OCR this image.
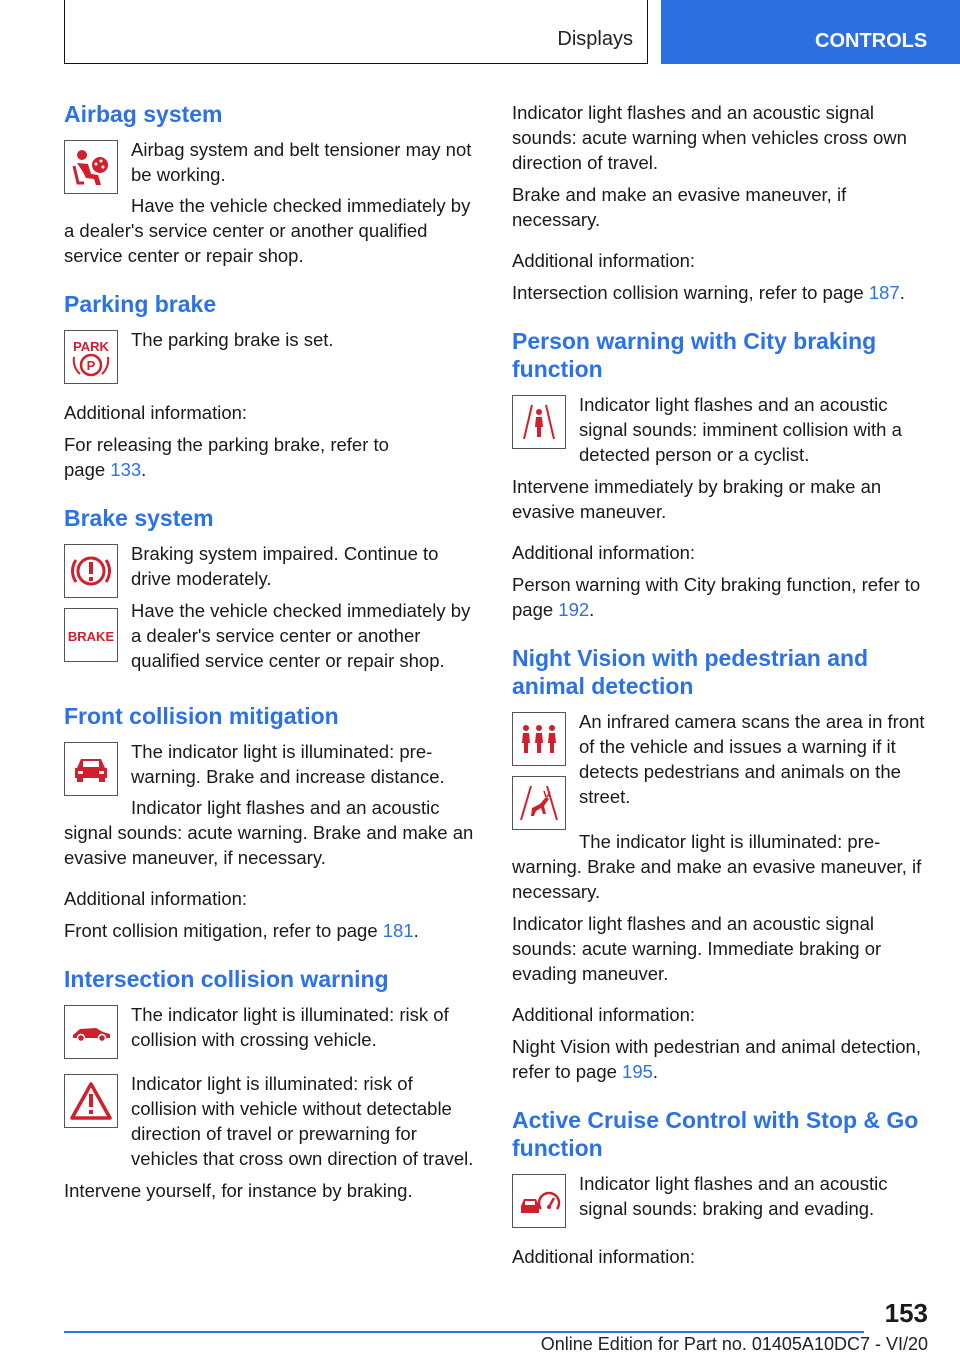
Displays	CONTROLS
Airbag system

Airbag system and belt tensioner may not be working.

Have the vehicle checked immediately by a dealer's service center or another qualified service center or repair shop.

Parking brake
PARK
P

The parking brake is set.

Additional information:

For releasing the parking brake, refer to page 133.

Brake system
BRAKE

Braking system impaired. Continue to drive moderately.

Have the vehicle checked immediately by a dealer's service center or another qualified service center or repair shop.

Front collision mitigation

The indicator light is illuminated: pre-warning. Brake and increase distance.

Indicator light flashes and an acoustic signal sounds: acute warning. Brake and make an evasive maneuver, if necessary.

Additional information:

Front collision mitigation, refer to page 181.

Intersection collision warning

The indicator light is illuminated: risk of collision with crossing vehicle.

Indicator light is illuminated: risk of collision with vehicle without detectable direction of travel or prewarning for vehicles that cross own direction of travel.

Intervene yourself, for instance by braking.

Indicator light flashes and an acoustic signal sounds: acute warning when vehicles cross own direction of travel.

Brake and make an evasive maneuver, if necessary.

Additional information:

Intersection collision warning, refer to page 187.

Person warning with City braking function

Indicator light flashes and an acoustic signal sounds: imminent collision with a detected person or a cyclist.

Intervene immediately by braking or make an evasive maneuver.

Additional information:

Person warning with City braking function, refer to page 192.

Night Vision with pedestrian and animal detection

An infrared camera scans the area in front of the vehicle and issues a warning if it detects pedestrians and animals on the street.

The indicator light is illuminated: pre-warning. Brake and make an evasive maneuver, if necessary.

Indicator light flashes and an acoustic signal sounds: acute warning. Immediate braking or evading maneuver.

Additional information:

Night Vision with pedestrian and animal detection, refer to page 195.

Active Cruise Control with Stop & Go function

Indicator light flashes and an acoustic signal sounds: braking and evading.

Additional information:

153
Online Edition for Part no. 01405A10DC7 - VI/20
